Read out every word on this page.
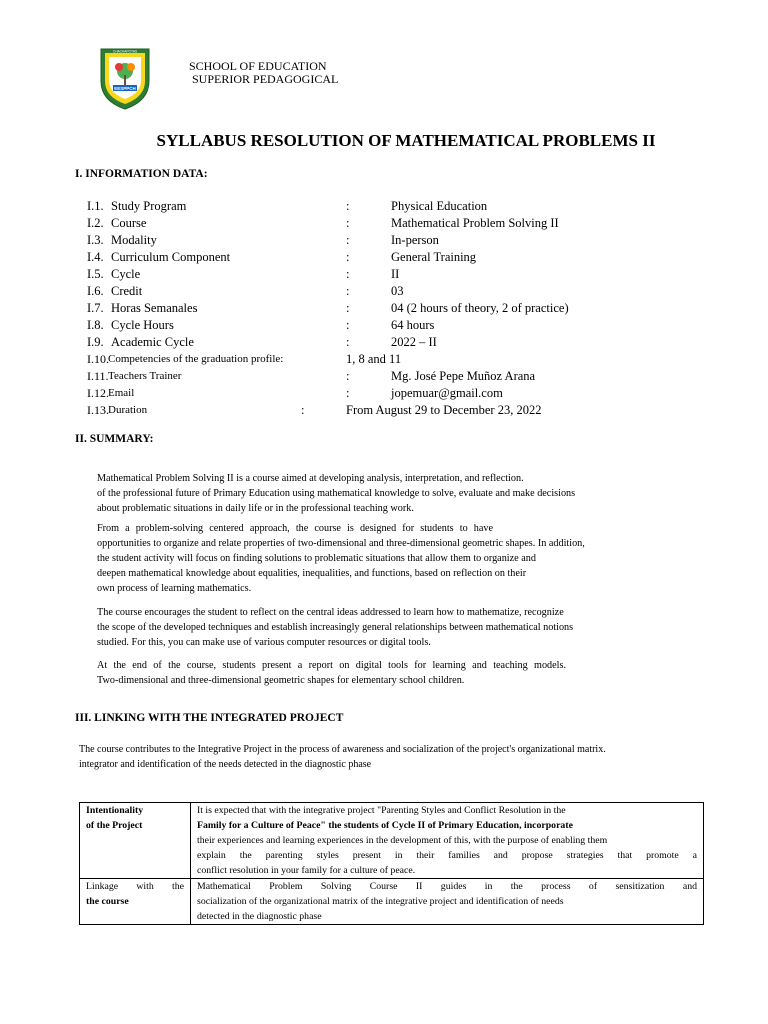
EESPPCH
CHACHAPOYAS
SCHOOL OF EDUCATION
SUPERIOR PEDAGOGICAL
SYLLABUS RESOLUTION OF MATHEMATICAL PROBLEMS II
I. INFORMATION DATA:
I.1. Study Program	:	Physical Education
I.2. Course	:	Mathematical Problem Solving II
I.3. Modality	:	In-person
I.4. Curriculum Component	:	General Training
I.5. Cycle	:	II
I.6. Credit	:	03
I.7. Horas Semanales	:	04 (2 hours of theory, 2 of practice)
I.8. Cycle Hours	:	64 hours
I.9. Academic Cycle	:	2022 – II
I.10. Competencies of the graduation profile:	1, 8 and 11
I.11. Teachers Trainer	:	Mg. José Pepe Muñoz Arana
I.12. Email	:	jopemuar@gmail.com
I.13. Duration	:	From August 29 to December 23, 2022
II. SUMMARY:
Mathematical Problem Solving II is a course aimed at developing analysis, interpretation, and reflection.
of the professional future of Primary Education using mathematical knowledge to solve, evaluate and make decisions
about problematic situations in daily life or in the professional teaching work.
From a problem-solving centered approach, the course is designed for students to have
opportunities to organize and relate properties of two-dimensional and three-dimensional geometric shapes. In addition,
the student activity will focus on finding solutions to problematic situations that allow them to organize and
deepen mathematical knowledge about equalities, inequalities, and functions, based on reflection on their
own process of learning mathematics.
The course encourages the student to reflect on the central ideas addressed to learn how to mathematize, recognize
the scope of the developed techniques and establish increasingly general relationships between mathematical notions
studied. For this, you can make use of various computer resources or digital tools.
At the end of the course, students present a report on digital tools for learning and teaching models.
Two-dimensional and three-dimensional geometric shapes for elementary school children.
III. LINKING WITH THE INTEGRATED PROJECT
The course contributes to the Integrative Project in the process of awareness and socialization of the project's organizational matrix.
integrator and identification of the needs detected in the diagnostic phase
Intentionality
of the Project	It is expected that with the integrative project "Parenting Styles and Conflict Resolution in the
Family for a Culture of Peace" the students of Cycle II of Primary Education, incorporate
their experiences and learning experiences in the development of this, with the purpose of enabling them
explain the parenting styles present in their families and propose strategies that promote a
conflict resolution in your family for a culture of peace.

Linkage with the
the course	Mathematical Problem Solving Course II guides in the process of sensitization and
socialization of the organizational matrix of the integrative project and identification of needs
detected in the diagnostic phase
